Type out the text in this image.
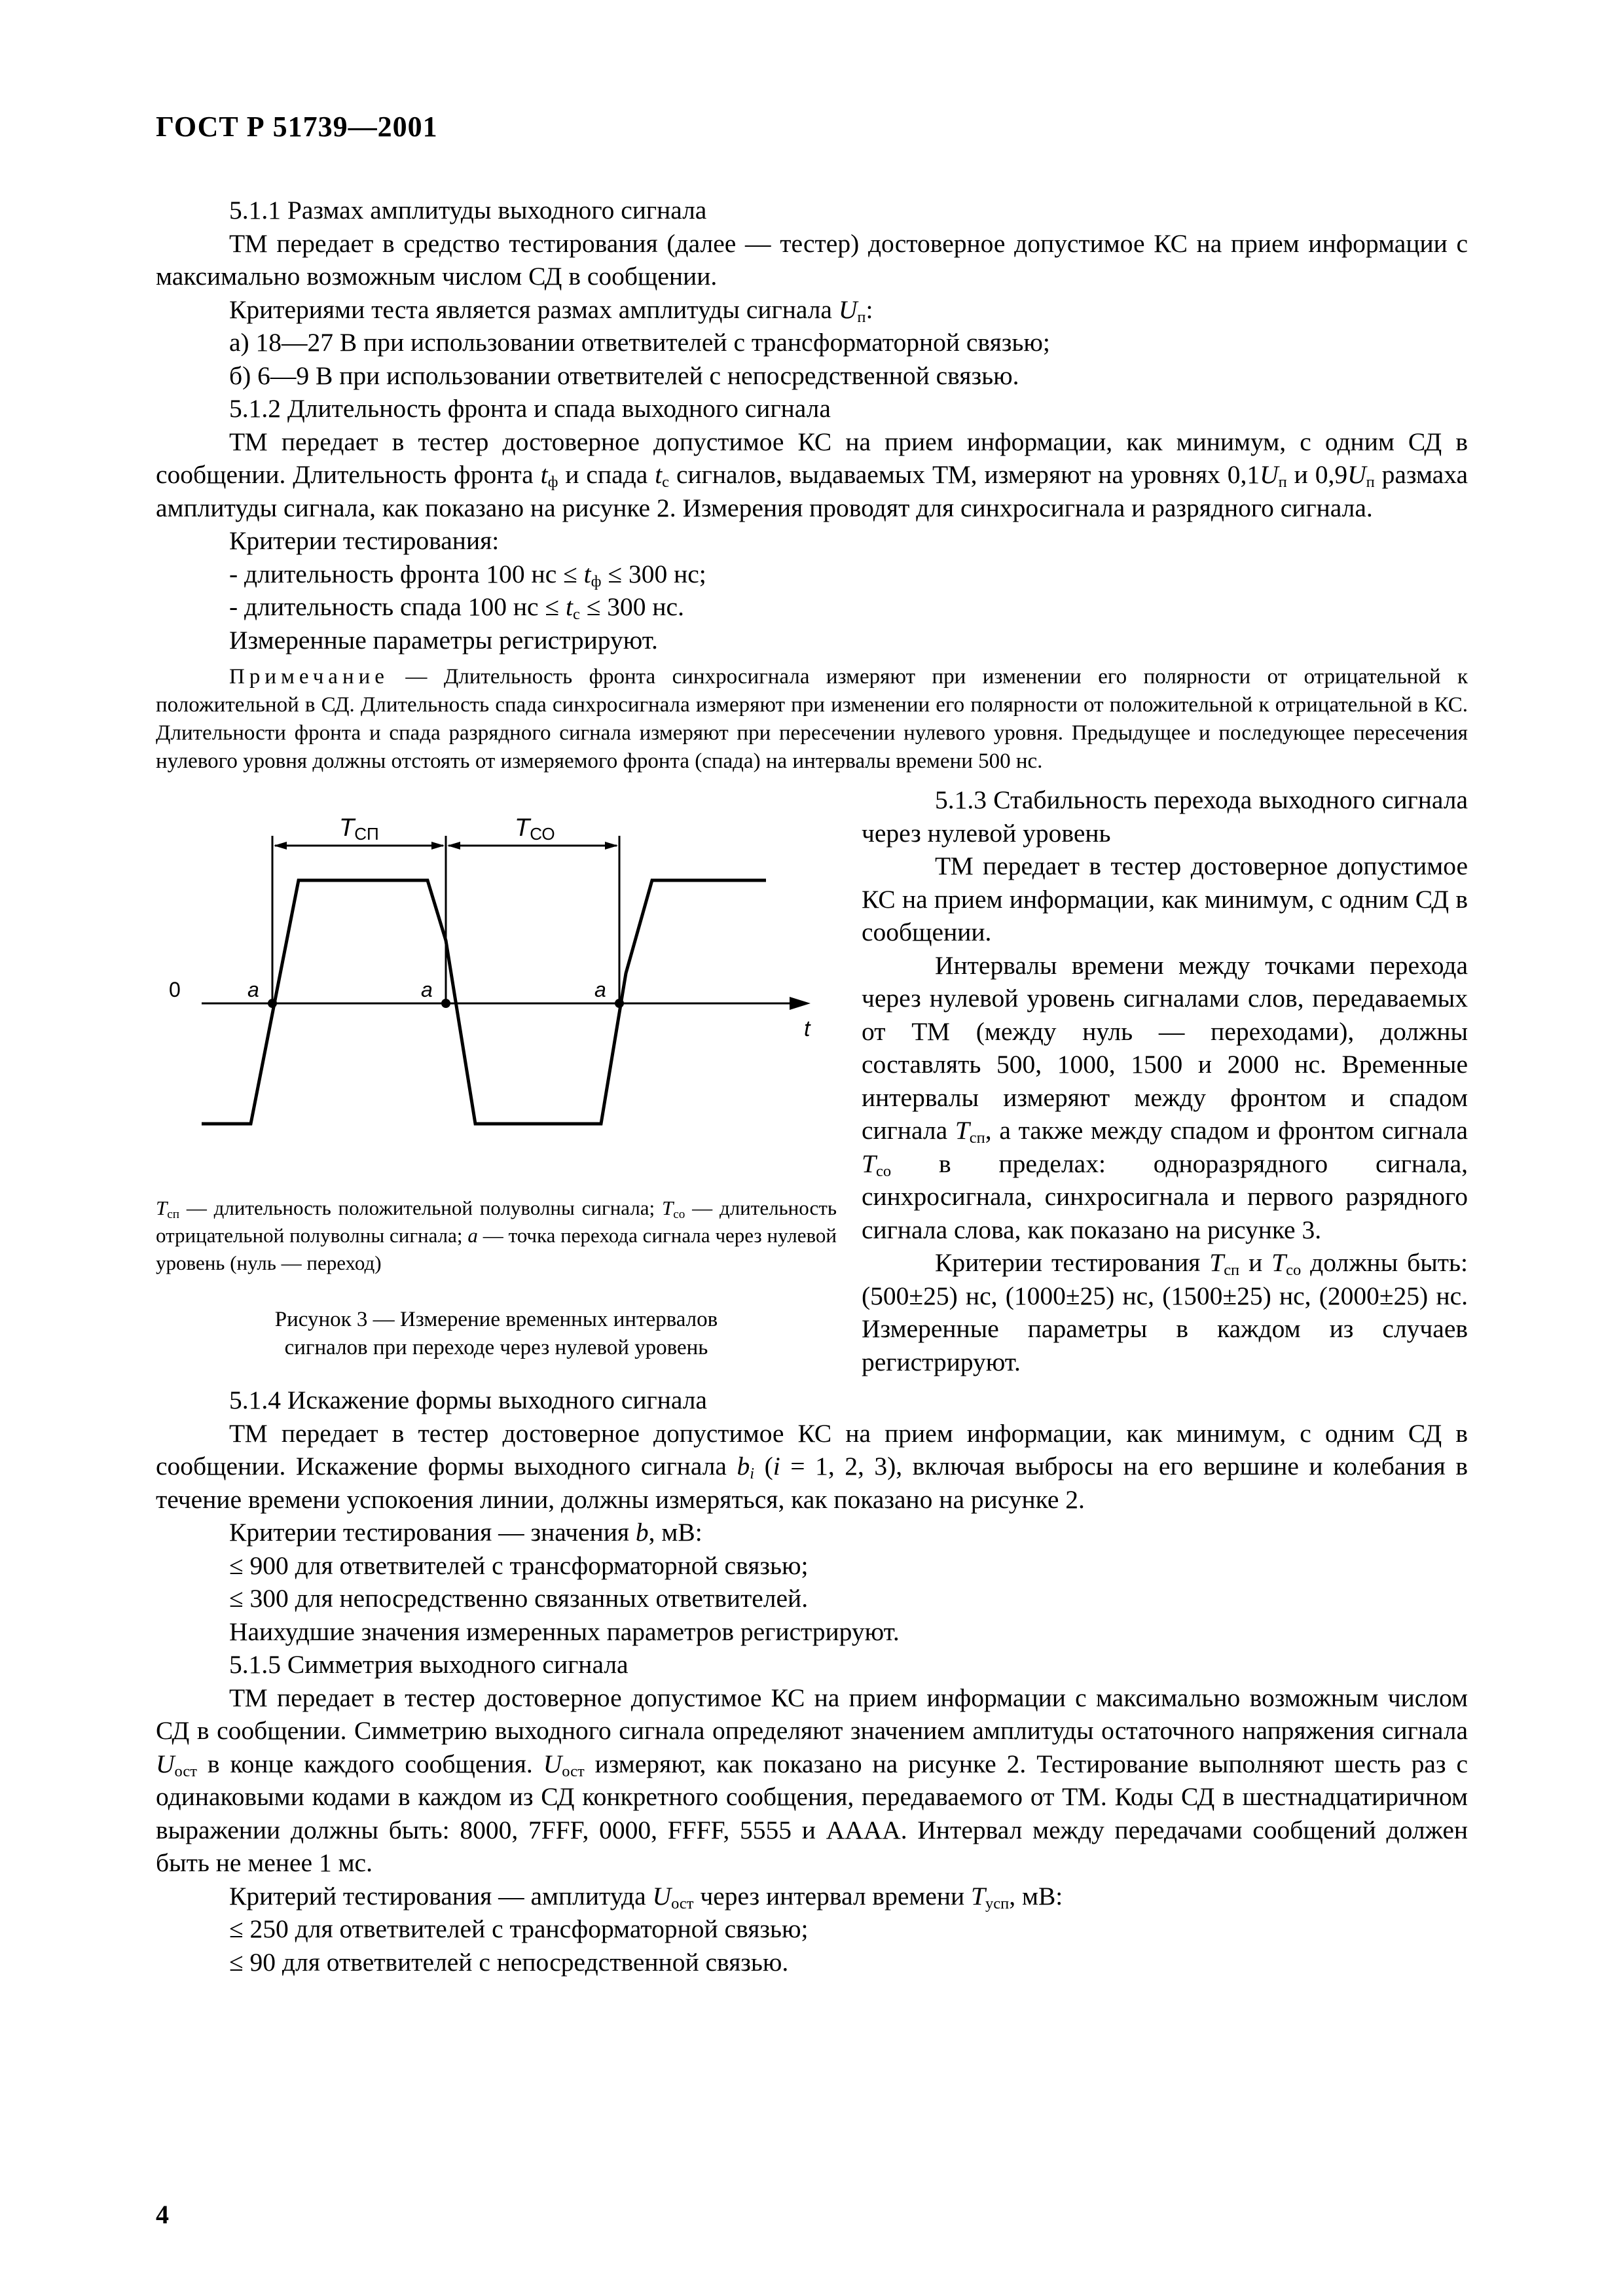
ГОСТ Р 51739—2001

5.1.1 Размах амплитуды выходного сигнала

ТМ передает в средство тестирования (далее — тестер) достоверное допустимое КС на прием информации с максимально возможным числом СД в сообщении.

Критериями теста является размах амплитуды сигнала $U_п$:

а) 18—27 В при использовании ответвителей с трансформаторной связью;

б) 6—9 В при использовании ответвителей с непосредственной связью.

5.1.2 Длительность фронта и спада выходного сигнала

ТМ передает в тестер достоверное допустимое КС на прием информации, как минимум, с одним СД в сообщении. Длительность фронта $t_ф$ и спада $t_с$ сигналов, выдаваемых ТМ, измеряют на уровнях $0,1U_п$ и $0,9U_п$ размаха амплитуды сигнала, как показано на рисунке 2. Измерения проводят для синхросигнала и разрядного сигнала.

Критерии тестирования:

- длительность фронта 100 нс ≤ $t_ф \le 300$ нс;

- длительность спада 100 нс ≤ $t_с \le 300$ нс.

Измеренные параметры регистрируют.

Примечание — Длительность фронта синхросигнала измеряют при изменении его полярности от отрицательной к положительной в СД. Длительность спада синхросигнала измеряют при изменении его полярности от положительной к отрицательной в КС. Длительности фронта и спада разрядного сигнала измеряют при пересечении нулевого уровня. Предыдущее и последующее пересечения нулевого уровня должны отстоять от измеряемого фронта (спада) на интервалы времени 500 нс.

TСП	TСО
0	a	a	a
t

$T_{сп}$ — длительность положительной полуволны сигнала; $T_{со}$ — длительность отрицательной полуволны сигнала; a — точка перехода сигнала через нулевой уровень (нуль — переход)

Рисунок 3 — Измерение временных интервалов
сигналов при переходе через нулевой уровень

5.1.3 Стабильность перехода выходного сигнала через нулевой уровень

ТМ передает в тестер достоверное допустимое КС на прием информации, как минимум, с одним СД в сообщении.

Интервалы времени между точками перехода через нулевой уровень сигналами слов, передаваемых от ТМ (между нуль — переходами), должны составлять 500, 1000, 1500 и 2000 нс. Временные интервалы измеряют между фронтом и спадом сигнала $T_{сп}$, а также между спадом и фронтом сигнала $T_{со}$ в пределах: одноразрядного сигнала, синхросигнала, синхросигнала и первого разрядного сигнала слова, как показано на рисунке 3.

Критерии тестирования $T_{сп}$ и $T_{со}$ должны быть: (500±25) нс, (1000±25) нс, (1500±25) нс, (2000±25) нс. Измеренные параметры в каждом из случаев регистрируют.

5.1.4 Искажение формы выходного сигнала

ТМ передает в тестер достоверное допустимое КС на прием информации, как минимум, с одним СД в сообщении. Искажение формы выходного сигнала $b_i$ (i = 1, 2, 3), включая выбросы на его вершине и колебания в течение времени успокоения линии, должны измеряться, как показано на рисунке 2.

Критерии тестирования — значения b, мВ:

≤ 900 для ответвителей с трансформаторной связью;

≤ 300 для непосредственно связанных ответвителей.

Наихудшие значения измеренных параметров регистрируют.

5.1.5 Симметрия выходного сигнала

ТМ передает в тестер достоверное допустимое КС на прием информации с максимально возможным числом СД в сообщении. Симметрию выходного сигнала определяют значением амплитуды остаточного напряжения сигнала $U_{ост}$ в конце каждого сообщения. $U_{ост}$ измеряют, как показано на рисунке 2. Тестирование выполняют шесть раз с одинаковыми кодами в каждом из СД конкретного сообщения, передаваемого от ТМ. Коды СД в шестнадцатиричном выражении должны быть: 8000, 7FFF, 0000, FFFF, 5555 и AAAA. Интервал между передачами сообщений должен быть не менее 1 мс.

Критерий тестирования — амплитуда $U_{ост}$ через интервал времени $T_{усп}$, мВ:

≤ 250 для ответвителей с трансформаторной связью;

≤ 90 для ответвителей с непосредственной связью.

4
